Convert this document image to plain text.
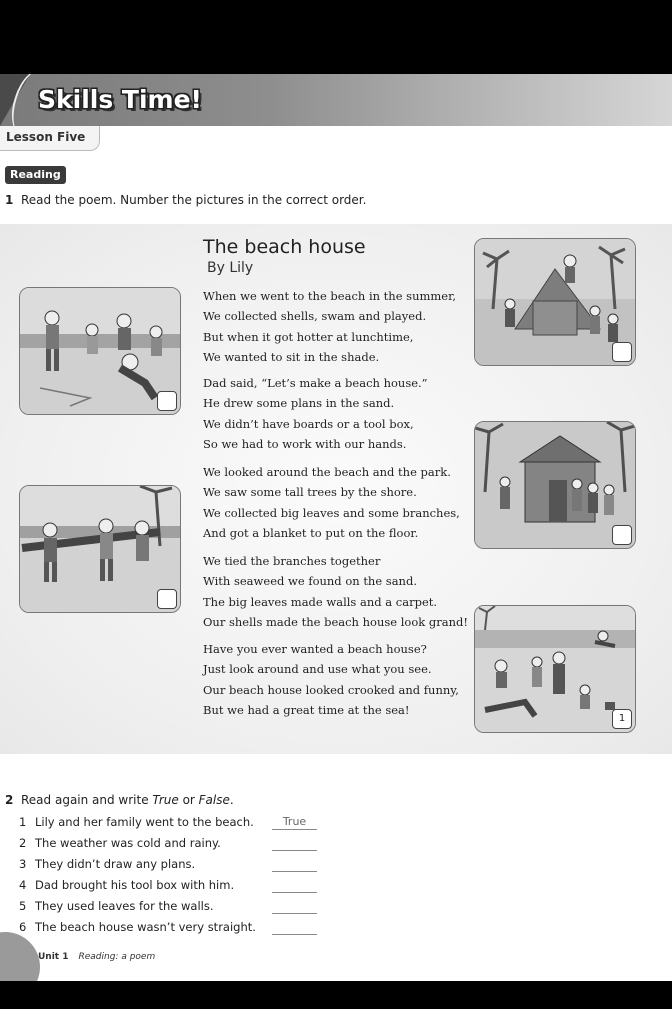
Skills Time!
Lesson Five
Reading
1 Read the poem. Number the pictures in the correct order.
The beach house
By Lily
When we went to the beach in the summer,
We collected shells, swam and played.
But when it got hotter at lunchtime,
We wanted to sit in the shade.
Dad said, “Let’s make a beach house.”
He drew some plans in the sand.
We didn’t have boards or a tool box,
So we had to work with our hands.
We looked around the beach and the park.
We saw some tall trees by the shore.
We collected big leaves and some branches,
And got a blanket to put on the floor.
We tied the branches together
With seaweed we found on the sand.
The big leaves made walls and a carpet.
Our shells made the beach house look grand!
Have you ever wanted a beach house?
Just look around and use what you see.
Our beach house looked crooked and funny,
But we had a great time at the sea!
1
2 Read again and write True or False.
1 Lily and her family went to the beach.	True
2 The weather was cold and rainy.
3 They didn’t draw any plans.
4 Dad brought his tool box with him.
5 They used leaves for the walls.
6 The beach house wasn’t very straight.
Unit 1 Reading: a poem
